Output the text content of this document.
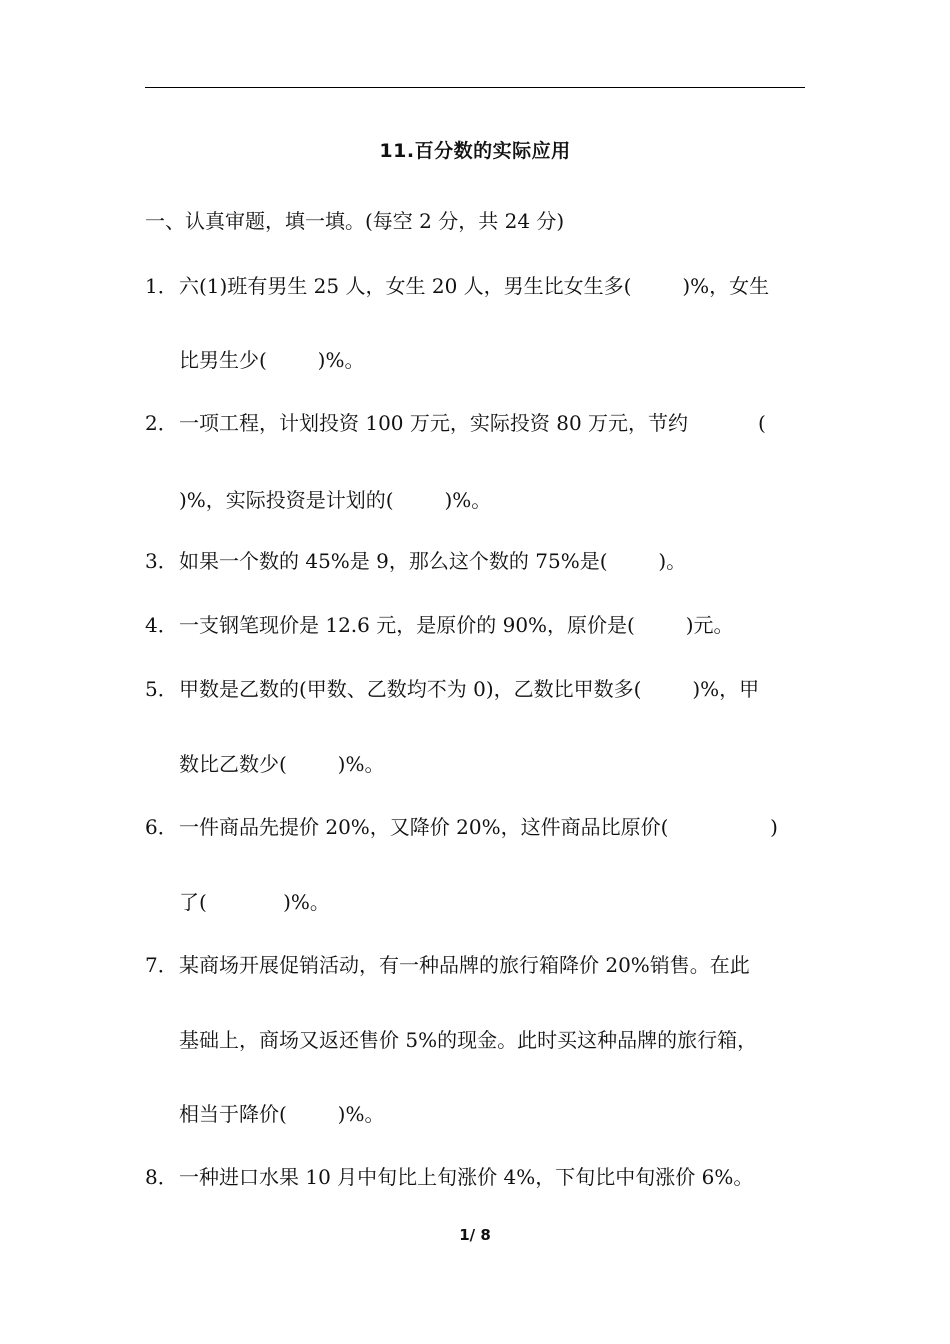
11.百分数的实际应用
一、认真审题，填一填。(每空 2 分，共 24 分)
1．六(1)班有男生 25 人，女生 20 人，男生比女生多(        )%，女生
比男生少(        )%。
2．一项工程，计划投资 100 万元，实际投资 80 万元，节约           (
)%，实际投资是计划的(        )%。
3．如果一个数的 45%是 9，那么这个数的 75%是(        )。
4．一支钢笔现价是 12.6 元，是原价的 90%，原价是(        )元。
5．甲数是乙数的(甲数、乙数均不为 0)，乙数比甲数多(        )%，甲
数比乙数少(        )%。
6．一件商品先提价 20%，又降价 20%，这件商品比原价(                )
了(            )%。
7．某商场开展促销活动，有一种品牌的旅行箱降价 20%销售。在此
基础上，商场又返还售价 5%的现金。此时买这种品牌的旅行箱，
相当于降价(        )%。
8．一种进口水果 10 月中旬比上旬涨价 4%，下旬比中旬涨价 6%。
1/ 8
